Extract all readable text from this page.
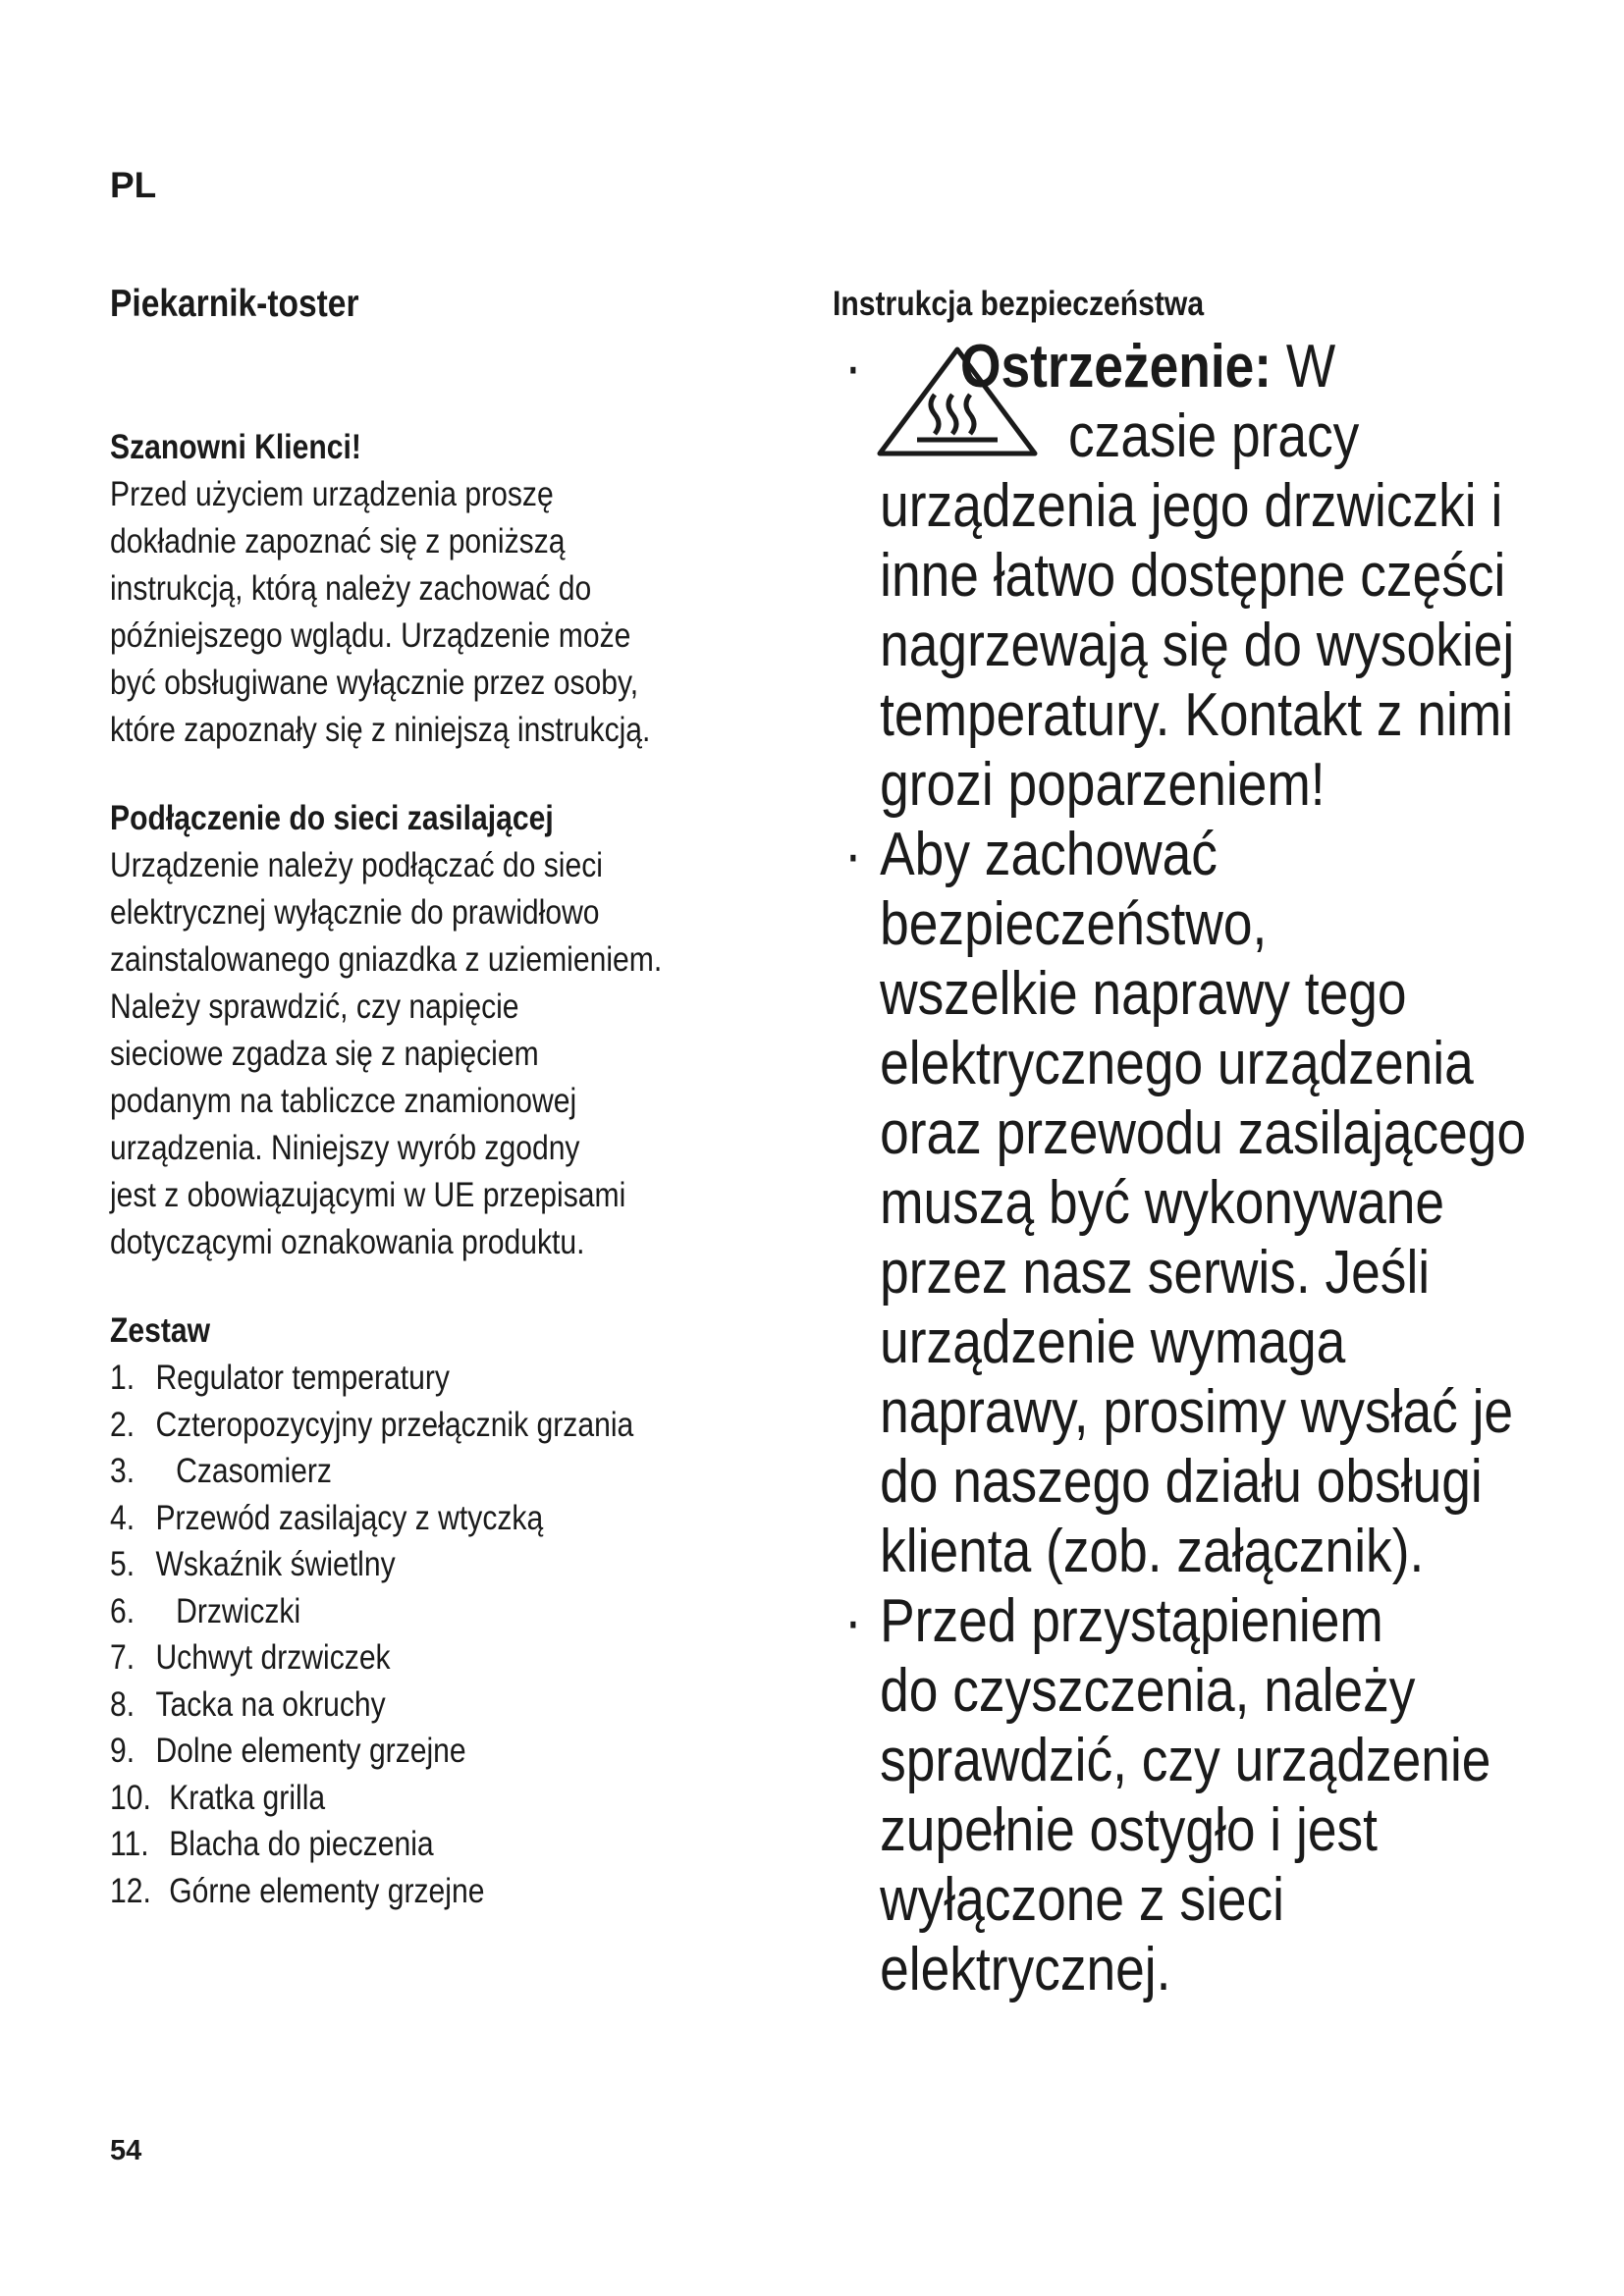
PL
Piekarnik-toster
Szanowni Klienci!
Przed użyciem urządzenia proszę
dokładnie zapoznać się z poniższą
instrukcją, którą należy zachować do
późniejszego wglądu. Urządzenie może
być obsługiwane wyłącznie przez osoby,
które zapoznały się z niniejszą instrukcją.
Podłączenie do sieci zasilającej
Urządzenie należy podłączać do sieci
elektrycznej wyłącznie do prawidłowo
zainstalowanego gniazdka z uziemieniem.
Należy sprawdzić, czy napięcie
sieciowe zgadza się z napięciem
podanym na tabliczce znamionowej
urządzenia. Niniejszy wyrób zgodny
jest z obowiązującymi w UE przepisami
dotyczącymi oznakowania produktu.
Zestaw
1. Regulator temperatury
2. Czteropozycyjny przełącznik grzania
3.	Czasomierz
4. Przewód zasilający z wtyczką
5. Wskaźnik świetlny
6.	Drzwiczki
7. Uchwyt drzwiczek
8. Tacka na okruchy
9. Dolne elementy grzejne
10. Kratka grilla
11. Blacha do pieczenia
12. Górne elementy grzejne
Instrukcja bezpieczeństwa
· Ostrzeżenie: W
czasie pracy
urządzenia jego drzwiczki i
inne łatwo dostępne części
nagrzewają się do wysokiej
temperatury. Kontakt z nimi
grozi poparzeniem!
· Aby zachować
bezpieczeństwo,
wszelkie naprawy tego
elektrycznego urządzenia
oraz przewodu zasilającego
muszą być wykonywane
przez nasz serwis. Jeśli
urządzenie wymaga
naprawy, prosimy wysłać je
do naszego działu obsługi
klienta (zob. załącznik).
· Przed przystąpieniem
do czyszczenia, należy
sprawdzić, czy urządzenie
zupełnie ostygło i jest
wyłączone z sieci
elektrycznej.
54
